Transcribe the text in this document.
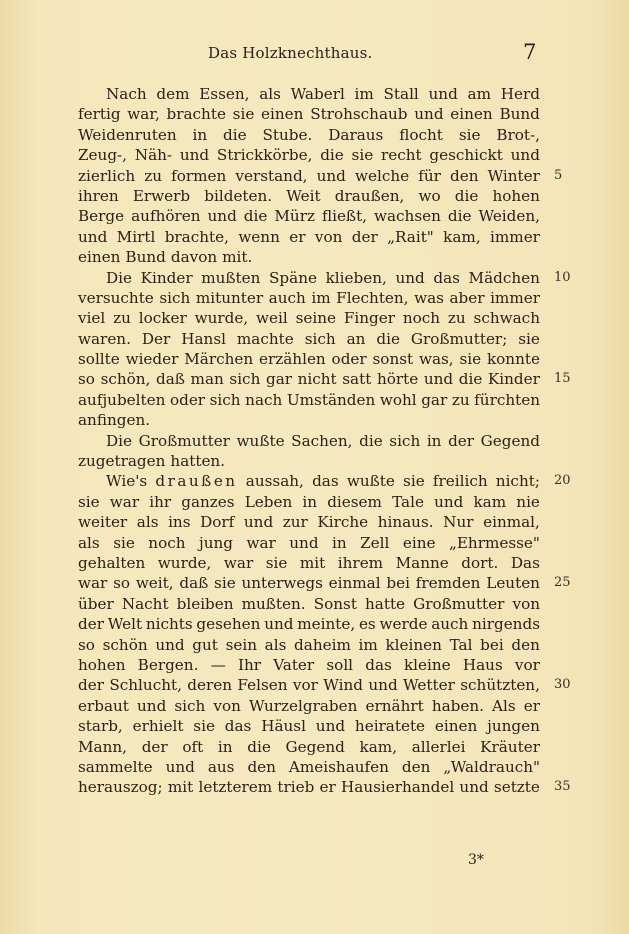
Das Holzknechthaus.	7
Nach dem Essen, als Waberl im Stall und am Herd
fertig war, brachte sie einen Strohschaub und einen Bund
Weidenruten in die Stube. Daraus flocht sie Brot-,
Zeug-, Näh- und Strickkörbe, die sie recht geschickt und
zierlich zu formen verstand, und welche für den Winter 5
ihren Erwerb bildeten. Weit draußen, wo die hohen
Berge aufhören und die Mürz fließt, wachsen die Weiden,
und Mirtl brachte, wenn er von der „Rait" kam, immer
einen Bund davon mit.
Die Kinder mußten Späne klieben, und das Mädchen 10
versuchte sich mitunter auch im Flechten, was aber immer
viel zu locker wurde, weil seine Finger noch zu schwach
waren. Der Hansl machte sich an die Großmutter; sie
sollte wieder Märchen erzählen oder sonst was, sie konnte
so schön, daß man sich gar nicht satt hörte und die Kinder 15
aufjubelten oder sich nach Umständen wohl gar zu fürchten
anfingen.
Die Großmutter wußte Sachen, die sich in der Gegend
zugetragen hatten.
Wie's draußen aussah, das wußte sie freilich nicht; 20
sie war ihr ganzes Leben in diesem Tale und kam nie
weiter als ins Dorf und zur Kirche hinaus. Nur einmal,
als sie noch jung war und in Zell eine „Ehrmesse"
gehalten wurde, war sie mit ihrem Manne dort. Das
war so weit, daß sie unterwegs einmal bei fremden Leuten 25
über Nacht bleiben mußten. Sonst hatte Großmutter von
der Welt nichts gesehen und meinte, es werde auch nirgends
so schön und gut sein als daheim im kleinen Tal bei den
hohen Bergen. — Ihr Vater soll das kleine Haus vor
der Schlucht, deren Felsen vor Wind und Wetter schützten, 30
erbaut und sich von Wurzelgraben ernährt haben. Als er
starb, erhielt sie das Häusl und heiratete einen jungen
Mann, der oft in die Gegend kam, allerlei Kräuter
sammelte und aus den Ameishaufen den „Waldrauch"
herauszog; mit letzterem trieb er Hausierhandel und setzte 35
3*
